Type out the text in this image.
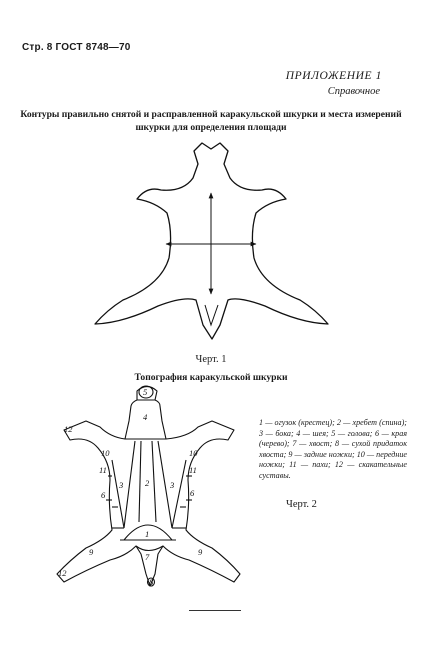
Стр. 8 ГОСТ 8748—70
ПРИЛОЖЕНИЕ 1
Справочное
Контуры правильно снятой и расправленной каракульской шкурки и места измерений шкурки для определения площади
5
4
12
10	10
11	11
3	2 3
6	6
1
7
9	9
12
8
Черт. 1
Топография каракульской шкурки
1 — огузок (крестец); 2 — хребет (спина); 3 — бока; 4 — шея; 5 — голова; 6 — края (черево); 7 — хвост; 8 — сухой придаток хвоста; 9 — задние ножки; 10 — передние ножки; 11 — пахи; 12 — скакательные суставы.
Черт. 2
